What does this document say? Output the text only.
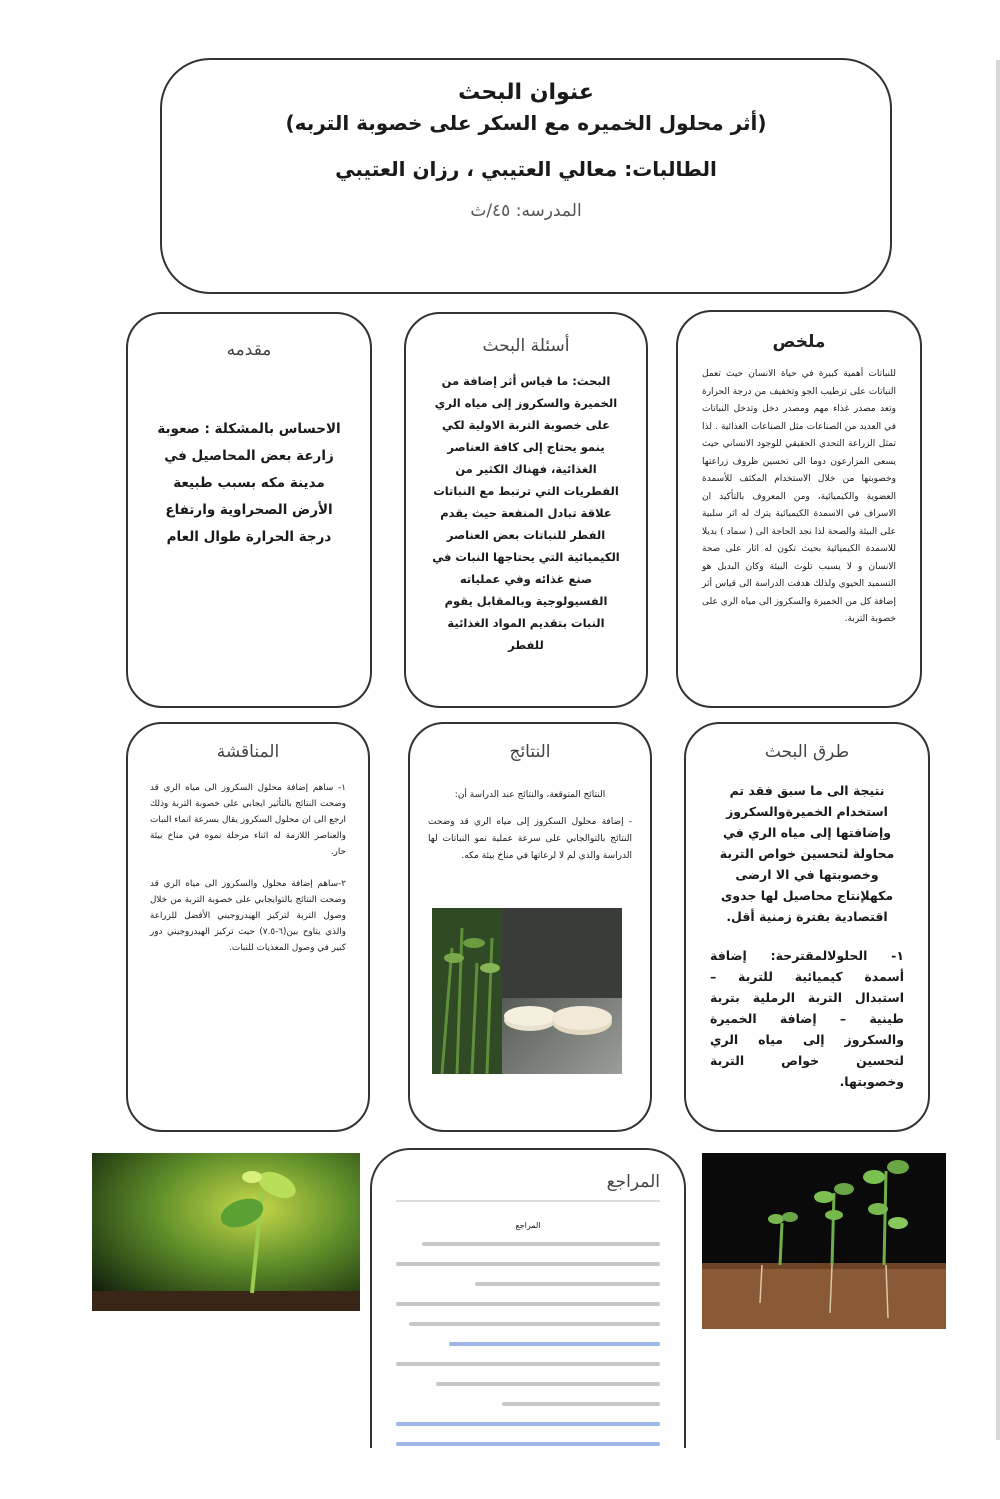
عنوان البحث
(أثر محلول الخميره مع السكر على خصوبة التربه)
الطالبات: معالي العتيبي ، رزان العتيبي
المدرسه: ٤٥/ث
ملخص
للنباتات أهمية كبيرة في حياة الانسان حيث تعمل النباتات على ترطيب الجو وتخفيف من درجة الحرارة وتعد مصدر غذاء مهم ومصدر دخل وتدخل النباتات في العديد من الصناعات مثل الصناعات الغذائية . لذا تمثل الزراعة التحدي الحقيقي للوجود الانساني حيث يسعى المزارعون دوما الى تحسين ظروف زراعتها وخصوبتها من خلال الاستخدام المكثف للأسمدة العضوية والكيميائية، ومن المعروف بالتأكيد ان الاسراف في الاسمدة الكيميائية يترك له اثر سلبية على البيئة والصحة لذا نجد الحاجة الى ( سماد ) بديلا للاسمدة الكيميائية بحيث تكون له اثار على صحة الانسان و لا يسبب تلوث البيئة وكان البديل هو التسميد الحيوي ولذلك هدفت الدراسة الى قياس أثر إضافة كل من الخميرة والسكروز الى مياه الري على خصوبة التربة.
أسئلة البحث
البحث: ما قياس أثر إضافة من الخميرة والسكروز إلى مياه الري على خصوبة التربة الاولية لكي ينمو يحتاج إلى كافة العناصر الغذائية، فهناك الكثير من الفطريات التي ترتبط مع النباتات علاقة تبادل المنفعة حيث يقدم الفطر للنباتات بعض العناصر الكيميائية التي يحتاجها النبات في صنع غذائه وفي عملياته الفسيولوجية وبالمقابل يقوم النبات بتقديم المواد الغذائية للفطر
مقدمه
الاحساس بالمشكلة : صعوبة زارعة بعض المحاصيل في مدينة مكه بسبب طبيعة الأرض الصحراوية وارتفاع درجة الحرارة طوال العام
طرق البحث
نتيجة الى ما سبق فقد تم استخدام الخميرةوالسكروز وإضافتها إلى مياه الري في محاولة لتحسين خواص التربة وخصوبتها في الا ارضى مكهلإنتاج محاصيل لها جدوى اقتصادية بفترة زمنية أقل.
١- الحلولالمقترحة: إضافة أسمدة كيميائية للتربة – استبدال التربة الرملية بتربة طينية – إضافة الخميرة والسكروز إلى مياه الري لتحسين خواص التربة وخصوبتها.
النتائج
النتائج المتوقعة، والنتائج عند الدراسة أن:
- إضافة محلول السكروز إلى مياه الري قد وضحت النتائج بالتوالجابي على سرعة عملية نمو النباتات لها الدراسة والذي لم لا لرعاتها في مناخ بيئة مكه.
المناقشة
١- ساهم إضافة محلول السكروز الى مياه الري قد وضحت النتائج بالتأثير ايجابي على خصوبة التربة وذلك ارجع الى ان محلول السكروز يقال بسرعة انماء النبات والعناصر اللازمة له اثناء مرحلة نموه في مناخ بيئة حار.
٢-ساهم إضافة محلول والسكروز الى مياه الري قد وضحت النتائج بالتوايجابي على خصوبة التربة من خلال وصول التربة لتركيز الهيدروجيني الأفضل للزراعة والذي يتاوح بين(٦-٧.٥) حيث تركيز الهيدروجيني دور كبير في وصول المغذيات للنبات.
المراجع
المراجع
